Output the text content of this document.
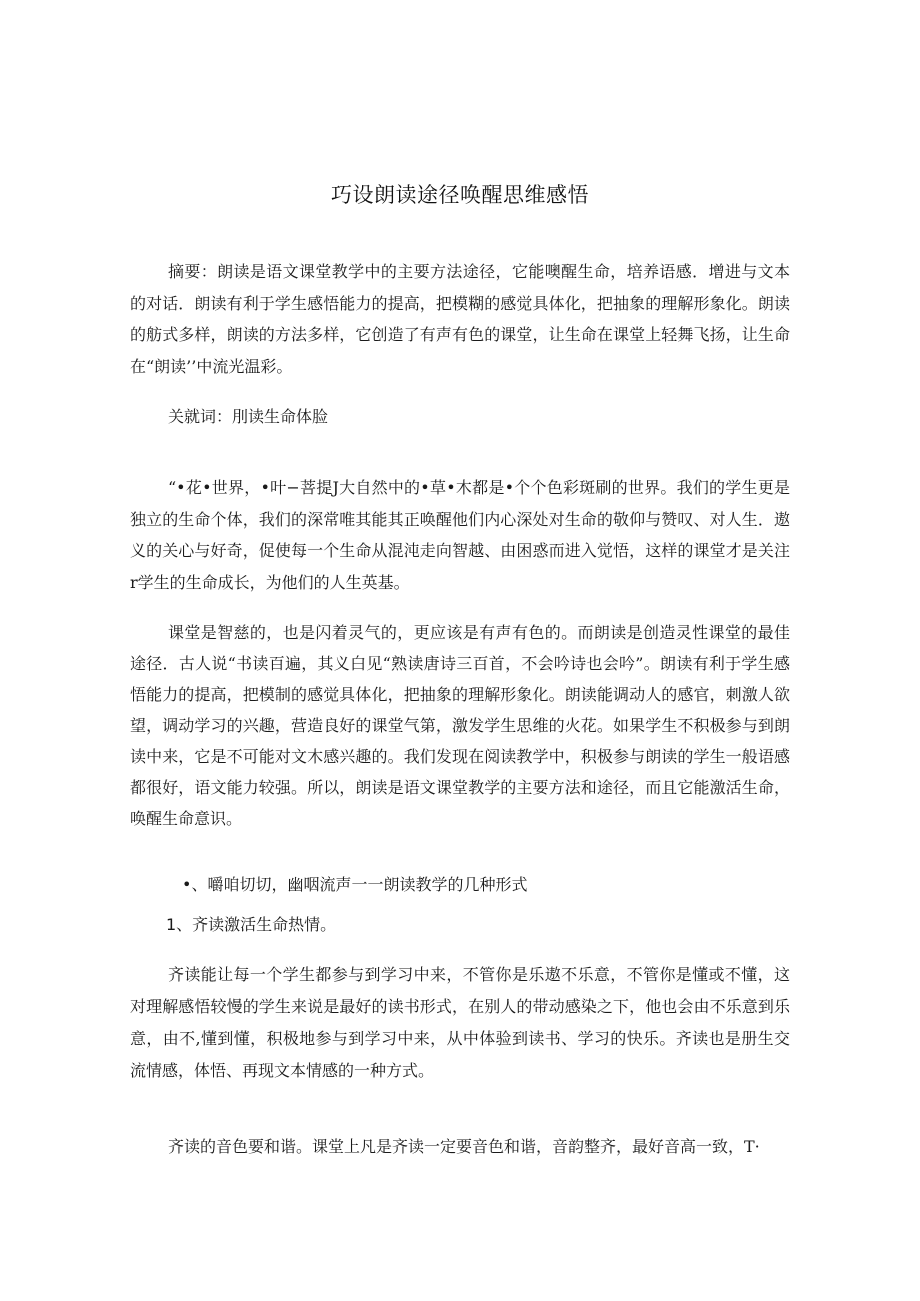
巧设朗读途径唤醒思维感悟
摘要：朗读是语文课堂教学中的主要方法途径，它能噢醒生命，培养语感．增进与文本的对话．朗读有利于学生感悟能力的提高，把模糊的感觉具体化，把抽象的理解形象化。朗读的舫式多样，朗读的方法多样，它创造了有声有色的课堂，让生命在课堂上轻舞飞扬，让生命在“朗读’’中流光温彩。
关就词：刖读生命体脸
“•花•世界，•叶−菩提J大自然中的•草•木都是•个个色彩斑刷的世界。我们的学生更是独立的生命个体，我们的深常唯其能其正唤醒他们内心深处对生命的敬仰与赞叹、对人生．遨义的关心与好奇，促使每一个生命从混沌走向智越、由困惑而进入觉悟，这样的课堂才是关注r学生的生命成长，为他们的人生英基。
课堂是智慈的，也是闪着灵气的，更应该是有声有色的。而朗读是创造灵性课堂的最佳途径．古人说“书读百遍，其义白见“熟读唐诗三百首，不会吟诗也会吟”。朗读有利于学生感悟能力的提高，把模制的感觉具体化，把抽象的理解形象化。朗读能调动人的感官，刺激人欲望，调动学习的兴趣，营造良好的课堂气第，激发学生思维的火花。如果学生不积极参与到朗读中来，它是不可能对文木感兴趣的。我们发现在阅读教学中，积极参与朗读的学生一般语感都很好，语文能力较强。所以，朗读是语文课堂教学的主要方法和途径，而且它能激活生命，唤醒生命意识。
•、嚼咱切切，幽咽流声一一朗读教学的几种形式
1、齐读激活生命热情。
齐读能让每一个学生都参与到学习中来，不管你是乐遨不乐意，不管你是懂或不懂，这对理解感悟较慢的学生来说是最好的读书形式，在别人的带动感染之下，他也会由不乐意到乐意，由不,懂到懂，积极地参与到学习中来，从中体验到读书、学习的快乐。齐读也是册生交流情感，体悟、再现文本情感的一种方式。
齐读的音色要和谐。课堂上凡是齐读一定要音色和谐，音韵整齐，最好音高一致，T·
